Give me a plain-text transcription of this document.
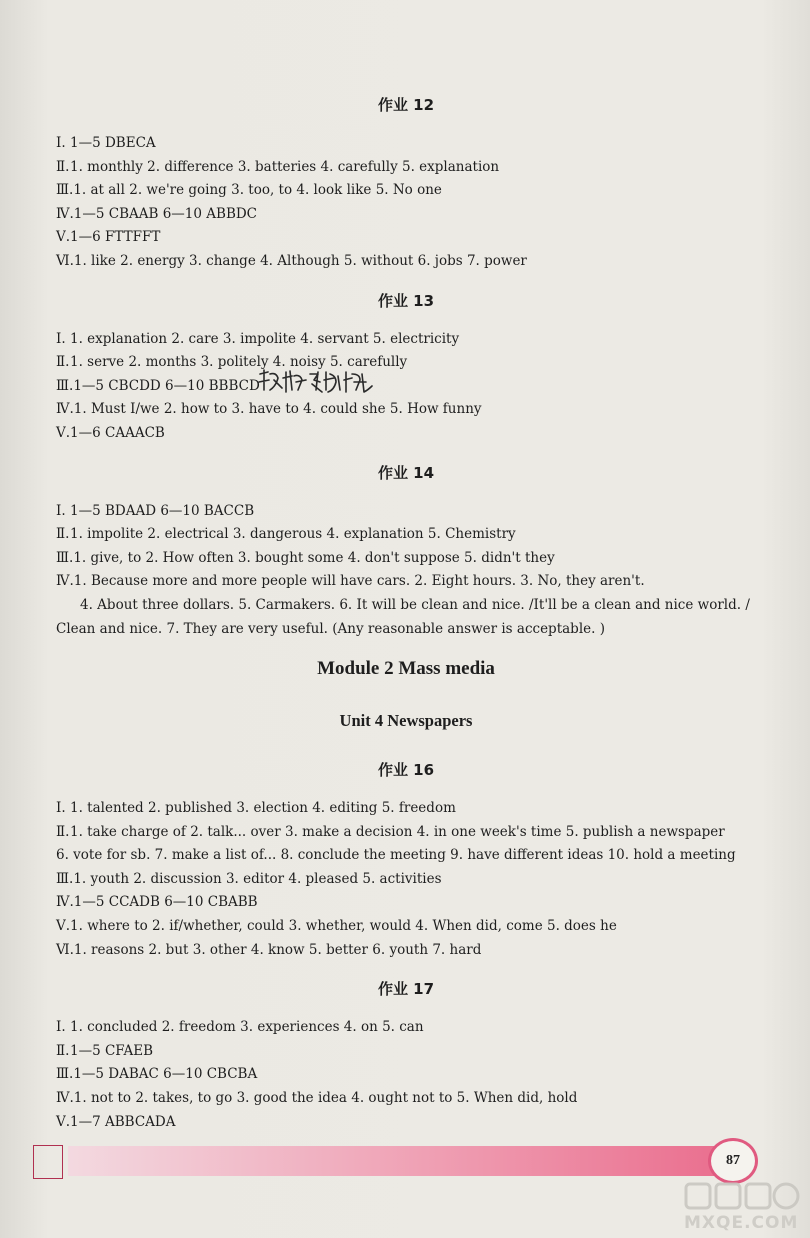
作业 12
Ⅰ. 1—5 DBECA
Ⅱ.1. monthly 2. difference 3. batteries 4. carefully 5. explanation
Ⅲ.1. at all 2. we're going 3. too, to 4. look like 5. No one
Ⅳ.1—5 CBAAB 6—10 ABBDC
Ⅴ.1—6 FTTFFT
Ⅵ.1. like 2. energy 3. change 4. Although 5. without 6. jobs 7. power
作业 13
Ⅰ. 1. explanation 2. care 3. impolite 4. servant 5. electricity
Ⅱ.1. serve 2. months 3. politely 4. noisy 5. carefully
Ⅲ.1—5 CBCDD 6—10 BBBCD
Ⅳ.1. Must I/we 2. how to 3. have to 4. could she 5. How funny
Ⅴ.1—6 CAAACB
作业 14
Ⅰ. 1—5 BDAAD 6—10 BACCB
Ⅱ.1. impolite 2. electrical 3. dangerous 4. explanation 5. Chemistry
Ⅲ.1. give, to 2. How often 3. bought some 4. don't suppose 5. didn't they
Ⅳ.1. Because more and more people will have cars. 2. Eight hours. 3. No, they aren't.
4. About three dollars. 5. Carmakers. 6. It will be clean and nice. /It'll be a clean and nice world. /
Clean and nice. 7. They are very useful. (Any reasonable answer is acceptable. )
Module 2 Mass media
Unit 4 Newspapers
作业 16
Ⅰ. 1. talented 2. published 3. election 4. editing 5. freedom
Ⅱ.1. take charge of 2. talk... over 3. make a decision 4. in one week's time 5. publish a newspaper
6. vote for sb. 7. make a list of... 8. conclude the meeting 9. have different ideas 10. hold a meeting
Ⅲ.1. youth 2. discussion 3. editor 4. pleased 5. activities
Ⅳ.1—5 CCADB 6—10 CBABB
Ⅴ.1. where to 2. if/whether, could 3. whether, would 4. When did, come 5. does he
Ⅵ.1. reasons 2. but 3. other 4. know 5. better 6. youth 7. hard
作业 17
Ⅰ. 1. concluded 2. freedom 3. experiences 4. on 5. can
Ⅱ.1—5 CFAEB
Ⅲ.1—5 DABAC 6—10 CBCBA
Ⅳ.1. not to 2. takes, to go 3. good the idea 4. ought not to 5. When did, hold
Ⅴ.1—7 ABBCADA
87
MXQE.COM
